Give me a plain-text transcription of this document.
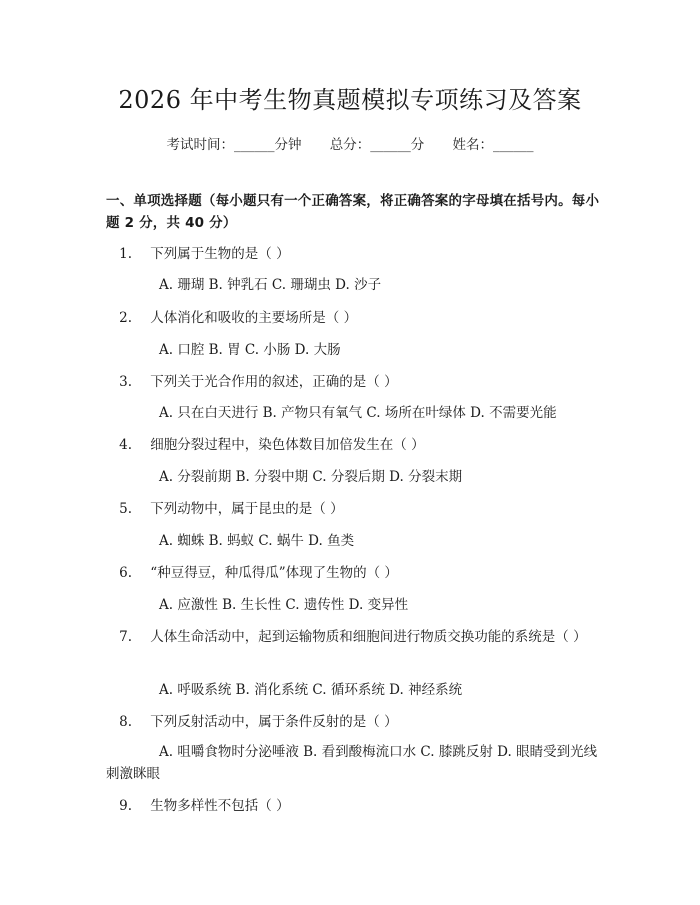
2026 年中考生物真题模拟专项练习及答案
考试时间：______分钟 总分：______分 姓名：______
一、单项选择题（每小题只有一个正确答案，将正确答案的字母填在括号内。每小题 2 分，共 40 分）
1. 下列属于生物的是（ ）
A. 珊瑚 B. 钟乳石 C. 珊瑚虫 D. 沙子
2. 人体消化和吸收的主要场所是（ ）
A. 口腔 B. 胃 C. 小肠 D. 大肠
3. 下列关于光合作用的叙述，正确的是（ ）
A. 只在白天进行 B. 产物只有氧气 C. 场所在叶绿体 D. 不需要光能
4. 细胞分裂过程中，染色体数目加倍发生在（ ）
A. 分裂前期 B. 分裂中期 C. 分裂后期 D. 分裂末期
5. 下列动物中，属于昆虫的是（ ）
A. 蜘蛛 B. 蚂蚁 C. 蜗牛 D. 鱼类
6. “种豆得豆，种瓜得瓜”体现了生物的（ ）
A. 应激性 B. 生长性 C. 遗传性 D. 变异性
7. 人体生命活动中，起到运输物质和细胞间进行物质交换功能的系统是（ ）
A. 呼吸系统 B. 消化系统 C. 循环系统 D. 神经系统
8. 下列反射活动中，属于条件反射的是（ ）
A. 咀嚼食物时分泌唾液 B. 看到酸梅流口水 C. 膝跳反射 D. 眼睛受到光线刺激眯眼
9. 生物多样性不包括（ ）
